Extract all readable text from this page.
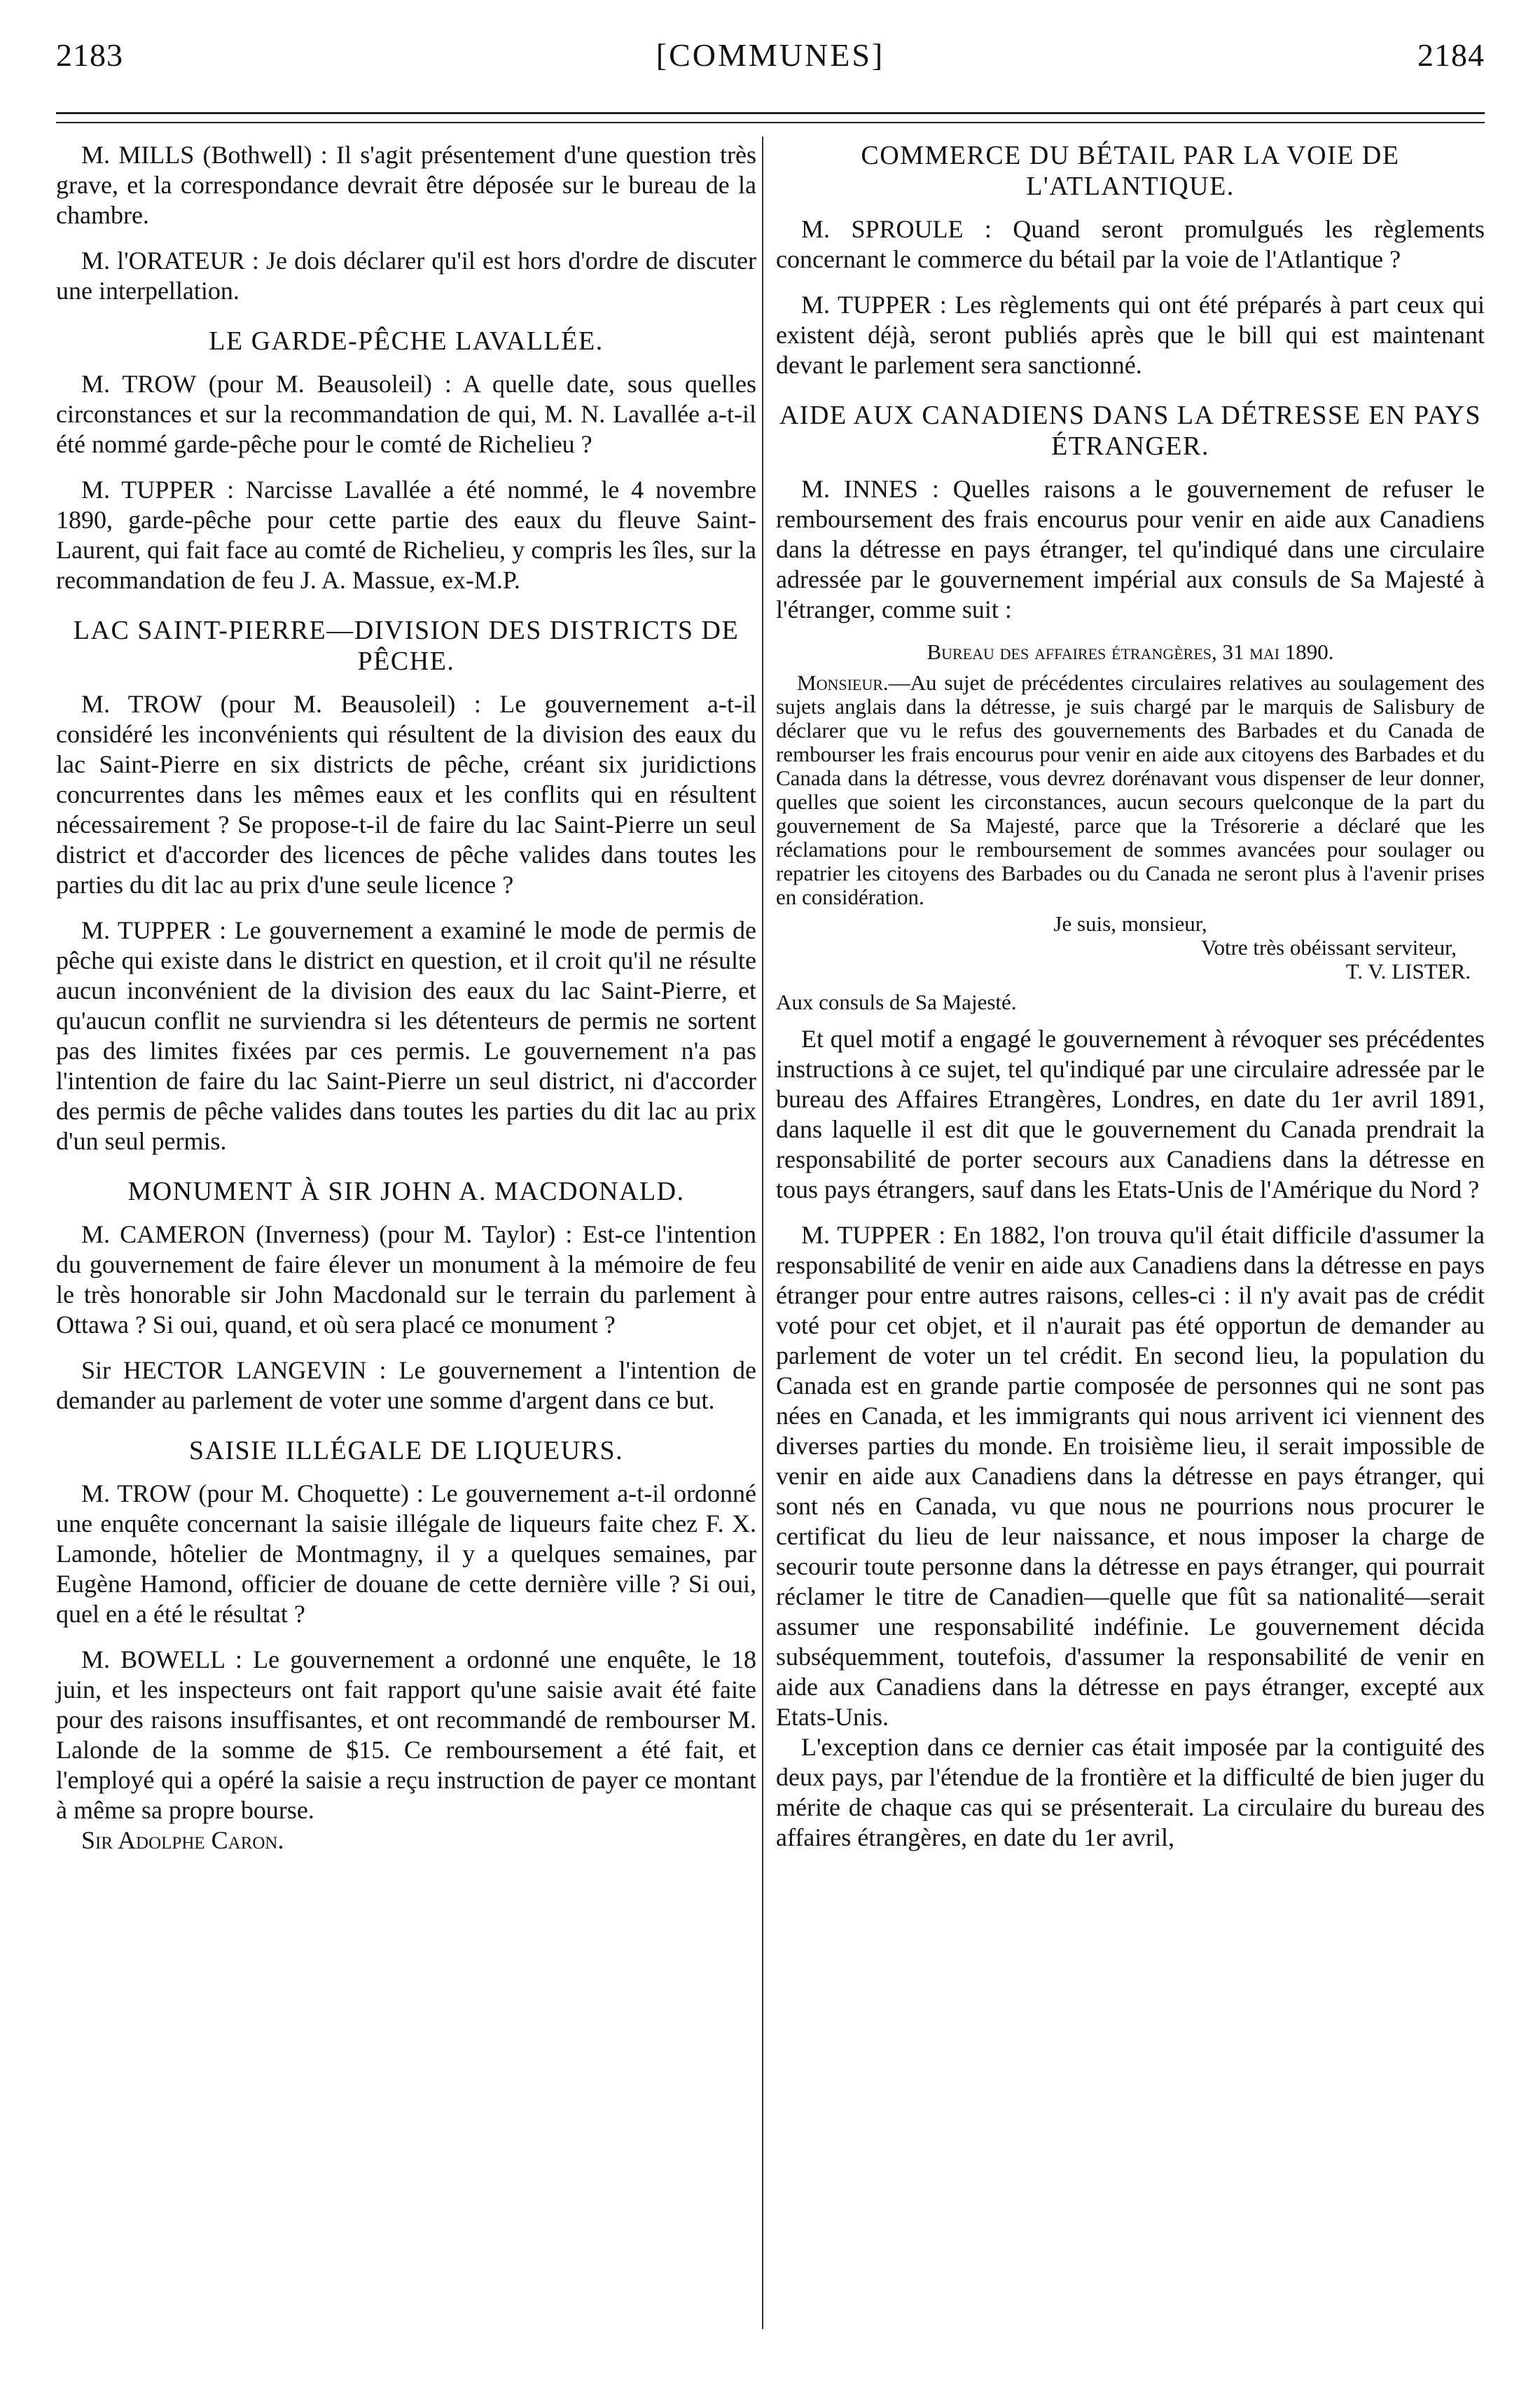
2183	[COMMUNES]	2184

M. MILLS (Bothwell) : Il s'agit présentement d'une question très grave, et la correspondance devrait être déposée sur le bureau de la chambre.

M. l'ORATEUR : Je dois déclarer qu'il est hors d'ordre de discuter une interpellation.

LE GARDE-PÊCHE LAVALLÉE.

M. TROW (pour M. Beausoleil) : A quelle date, sous quelles circonstances et sur la recommandation de qui, M. N. Lavallée a-t-il été nommé garde-pêche pour le comté de Richelieu ?

M. TUPPER : Narcisse Lavallée a été nommé, le 4 novembre 1890, garde-pêche pour cette partie des eaux du fleuve Saint-Laurent, qui fait face au comté de Richelieu, y compris les îles, sur la recommandation de feu J. A. Massue, ex-M.P.

LAC SAINT-PIERRE—DIVISION DES DISTRICTS DE PÊCHE.

M. TROW (pour M. Beausoleil) : Le gouvernement a-t-il considéré les inconvénients qui résultent de la division des eaux du lac Saint-Pierre en six districts de pêche, créant six juridictions concurrentes dans les mêmes eaux et les conflits qui en résultent nécessairement ? Se propose-t-il de faire du lac Saint-Pierre un seul district et d'accorder des licences de pêche valides dans toutes les parties du dit lac au prix d'une seule licence ?

M. TUPPER : Le gouvernement a examiné le mode de permis de pêche qui existe dans le district en question, et il croit qu'il ne résulte aucun inconvénient de la division des eaux du lac Saint-Pierre, et qu'aucun conflit ne surviendra si les détenteurs de permis ne sortent pas des limites fixées par ces permis. Le gouvernement n'a pas l'intention de faire du lac Saint-Pierre un seul district, ni d'accorder des permis de pêche valides dans toutes les parties du dit lac au prix d'un seul permis.

MONUMENT À SIR JOHN A. MACDONALD.

M. CAMERON (Inverness) (pour M. Taylor) : Est-ce l'intention du gouvernement de faire élever un monument à la mémoire de feu le très honorable sir John Macdonald sur le terrain du parlement à Ottawa ? Si oui, quand, et où sera placé ce monument ?

Sir HECTOR LANGEVIN : Le gouvernement a l'intention de demander au parlement de voter une somme d'argent dans ce but.

SAISIE ILLÉGALE DE LIQUEURS.

M. TROW (pour M. Choquette) : Le gouvernement a-t-il ordonné une enquête concernant la saisie illégale de liqueurs faite chez F. X. Lamonde, hôtelier de Montmagny, il y a quelques semaines, par Eugène Hamond, officier de douane de cette dernière ville ? Si oui, quel en a été le résultat ?

M. BOWELL : Le gouvernement a ordonné une enquête, le 18 juin, et les inspecteurs ont fait rapport qu'une saisie avait été faite pour des raisons insuffisantes, et ont recommandé de rembourser M. Lalonde de la somme de $15. Ce remboursement a été fait, et l'employé qui a opéré la saisie a reçu instruction de payer ce montant à même sa propre bourse.

Sir Adolphe Caron.

COMMERCE DU BÉTAIL PAR LA VOIE DE L'ATLANTIQUE.

M. SPROULE : Quand seront promulgués les règlements concernant le commerce du bétail par la voie de l'Atlantique ?

M. TUPPER : Les règlements qui ont été préparés à part ceux qui existent déjà, seront publiés après que le bill qui est maintenant devant le parlement sera sanctionné.

AIDE AUX CANADIENS DANS LA DÉTRESSE EN PAYS ÉTRANGER.

M. INNES : Quelles raisons a le gouvernement de refuser le remboursement des frais encourus pour venir en aide aux Canadiens dans la détresse en pays étranger, tel qu'indiqué dans une circulaire adressée par le gouvernement impérial aux consuls de Sa Majesté à l'étranger, comme suit :

Bureau des affaires étrangères, 31 mai 1890.

Monsieur.—Au sujet de précédentes circulaires relatives au soulagement des sujets anglais dans la détresse, je suis chargé par le marquis de Salisbury de déclarer que vu le refus des gouvernements des Barbades et du Canada de rembourser les frais encourus pour venir en aide aux citoyens des Barbades et du Canada dans la détresse, vous devrez dorénavant vous dispenser de leur donner, quelles que soient les circonstances, aucun secours quelconque de la part du gouvernement de Sa Majesté, parce que la Trésorerie a déclaré que les réclamations pour le remboursement de sommes avancées pour soulager ou repatrier les citoyens des Barbades ou du Canada ne seront plus à l'avenir prises en considération.

Je suis, monsieur,

Votre très obéissant serviteur,

T. V. LISTER.

Aux consuls de Sa Majesté.

Et quel motif a engagé le gouvernement à révoquer ses précédentes instructions à ce sujet, tel qu'indiqué par une circulaire adressée par le bureau des Affaires Etrangères, Londres, en date du 1er avril 1891, dans laquelle il est dit que le gouvernement du Canada prendrait la responsabilité de porter secours aux Canadiens dans la détresse en tous pays étrangers, sauf dans les Etats-Unis de l'Amérique du Nord ?

M. TUPPER : En 1882, l'on trouva qu'il était difficile d'assumer la responsabilité de venir en aide aux Canadiens dans la détresse en pays étranger pour entre autres raisons, celles-ci : il n'y avait pas de crédit voté pour cet objet, et il n'aurait pas été opportun de demander au parlement de voter un tel crédit. En second lieu, la population du Canada est en grande partie composée de personnes qui ne sont pas nées en Canada, et les immigrants qui nous arrivent ici viennent des diverses parties du monde. En troisième lieu, il serait impossible de venir en aide aux Canadiens dans la détresse en pays étranger, qui sont nés en Canada, vu que nous ne pourrions nous procurer le certificat du lieu de leur naissance, et nous imposer la charge de secourir toute personne dans la détresse en pays étranger, qui pourrait réclamer le titre de Canadien—quelle que fût sa nationalité—serait assumer une responsabilité indéfinie. Le gouvernement décida subséquemment, toutefois, d'assumer la responsabilité de venir en aide aux Canadiens dans la détresse en pays étranger, excepté aux Etats-Unis.

L'exception dans ce dernier cas était imposée par la contiguité des deux pays, par l'étendue de la frontière et la difficulté de bien juger du mérite de chaque cas qui se présenterait. La circulaire du bureau des affaires étrangères, en date du 1er avril,
